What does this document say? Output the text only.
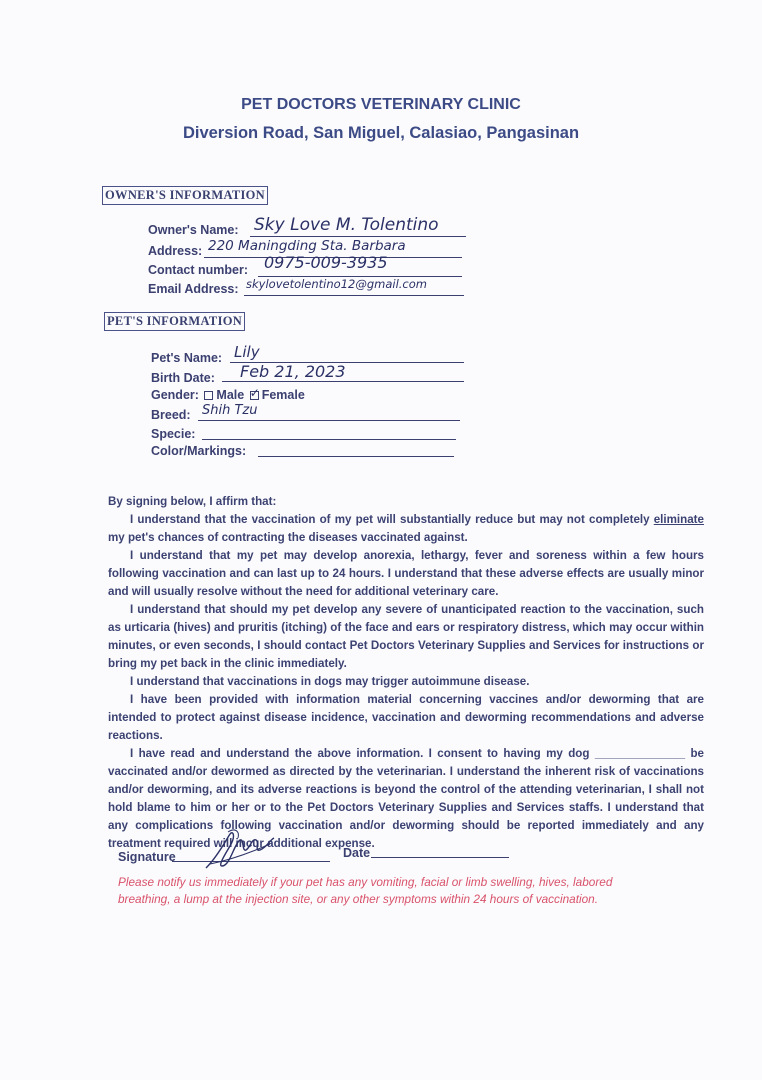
PET DOCTORS VETERINARY CLINIC
Diversion Road, San Miguel, Calasiao, Pangasinan
OWNER'S INFORMATION
Owner's Name: Sky Love M. Tolentino
Address: 220 Maningding Sta. Barbara
Contact number: 0975-009-3935
Email Address: skylovetolentino12@gmail.com
PET'S INFORMATION
Pet's Name: Lily
Birth Date: Feb 21, 2023
Gender: Male ✓ Female
Breed: Shih Tzu
Specie:
Color/Markings:

By signing below, I affirm that:

I understand that the vaccination of my pet will substantially reduce but may not completely eliminate my pet's chances of contracting the diseases vaccinated against.

I understand that my pet may develop anorexia, lethargy, fever and soreness within a few hours following vaccination and can last up to 24 hours. I understand that these adverse effects are usually minor and will usually resolve without the need for additional veterinary care.

I understand that should my pet develop any severe of unanticipated reaction to the vaccination, such as urticaria (hives) and pruritis (itching) of the face and ears or respiratory distress, which may occur within minutes, or even seconds, I should contact Pet Doctors Veterinary Supplies and Services for instructions or bring my pet back in the clinic immediately.

I understand that vaccinations in dogs may trigger autoimmune disease.

I have been provided with information material concerning vaccines and/or deworming that are intended to protect against disease incidence, vaccination and deworming recommendations and adverse reactions.

I have read and understand the above information. I consent to having my dog ______________ be vaccinated and/or dewormed as directed by the veterinarian. I understand the inherent risk of vaccinations and/or deworming, and its adverse reactions is beyond the control of the attending veterinarian, I shall not hold blame to him or her or to the Pet Doctors Veterinary Supplies and Services staffs. I understand that any complications following vaccination and/or deworming should be reported immediately and any treatment required will incur additional expense.

Signature	Date
Please notify us immediately if your pet has any vomiting, facial or limb swelling, hives, labored breathing, a lump at the injection site, or any other symptoms within 24 hours of vaccination.
